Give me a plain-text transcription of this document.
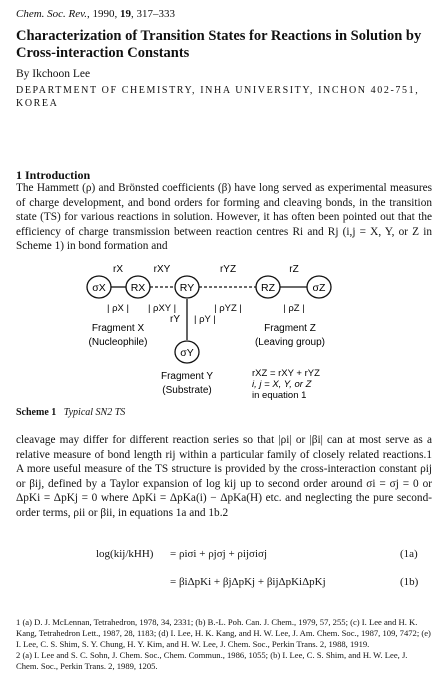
Chem. Soc. Rev., 1990, 19, 317–333
Characterization of Transition States for Reactions in Solution by Cross-interaction Constants
By Ikchoon Lee
DEPARTMENT OF CHEMISTRY, INHA UNIVERSITY, INCHON 402-751, KOREA
1 Introduction
The Hammett (ρ) and Brönsted coefficients (β) have long served as experimental measures of charge development, and bond orders for forming and cleaving bonds, in the transition state (TS) for various reactions in solution. However, it has often been pointed out that the efficiency of charge transmission between reaction centres Ri and Rj (i,j = X, Y, or Z in Scheme 1) in bond formation and
σX RX	RY	RZ	σZ
σY
rX	rXY	rYZ	rZ
rY
| ρX | | ρXY |
| ρY |
| ρYZ |	| ρZ |
Fragment X
(Nucleophile)
Fragment Z
(Leaving group)
Fragment Y
(Substrate)
rXZ = rXY + rYZ
i, j = X, Y, or Z
in equation 1
Scheme 1 Typical SN2 TS
cleavage may differ for different reaction series so that |ρi| or |βi| can at most serve as a relative measure of bond length rij within a particular family of closely related reactions.1 A more useful measure of the TS structure is provided by the cross-interaction constant ρij or βij, defined by a Taylor expansion of log kij up to second order around σi = σj = 0 or ΔpKi = ΔpKj = 0 where ΔpKi = ΔpKa(i) − ΔpKa(H) etc. and neglecting the pure second-order terms, ρii or βii, in equations 1a and 1b.2
log(kij/kHH) = ρiσi + ρjσj + ρijσiσj	(1a)
= βiΔpKi + βjΔpKj + βijΔpKiΔpKj	(1b)
1 (a) D. J. McLennan, Tetrahedron, 1978, 34, 2331; (b) B.-L. Poh. Can. J. Chem., 1979, 57, 255; (c) I. Lee and H. K. Kang, Tetrahedron Lett., 1987, 28, 1183; (d) I. Lee, H. K. Kang, and H. W. Lee, J. Am. Chem. Soc., 1987, 109, 7472; (e) I. Lee, C. S. Shim, S. Y. Chung, H. Y. Kim, and H. W. Lee, J. Chem. Soc., Perkin Trans. 2, 1988, 1919.
2 (a) I. Lee and S. C. Sohn, J. Chem. Soc., Chem. Commun., 1986, 1055; (b) I. Lee, C. S. Shim, and H. W. Lee, J. Chem. Soc., Perkin Trans. 2, 1989, 1205.
